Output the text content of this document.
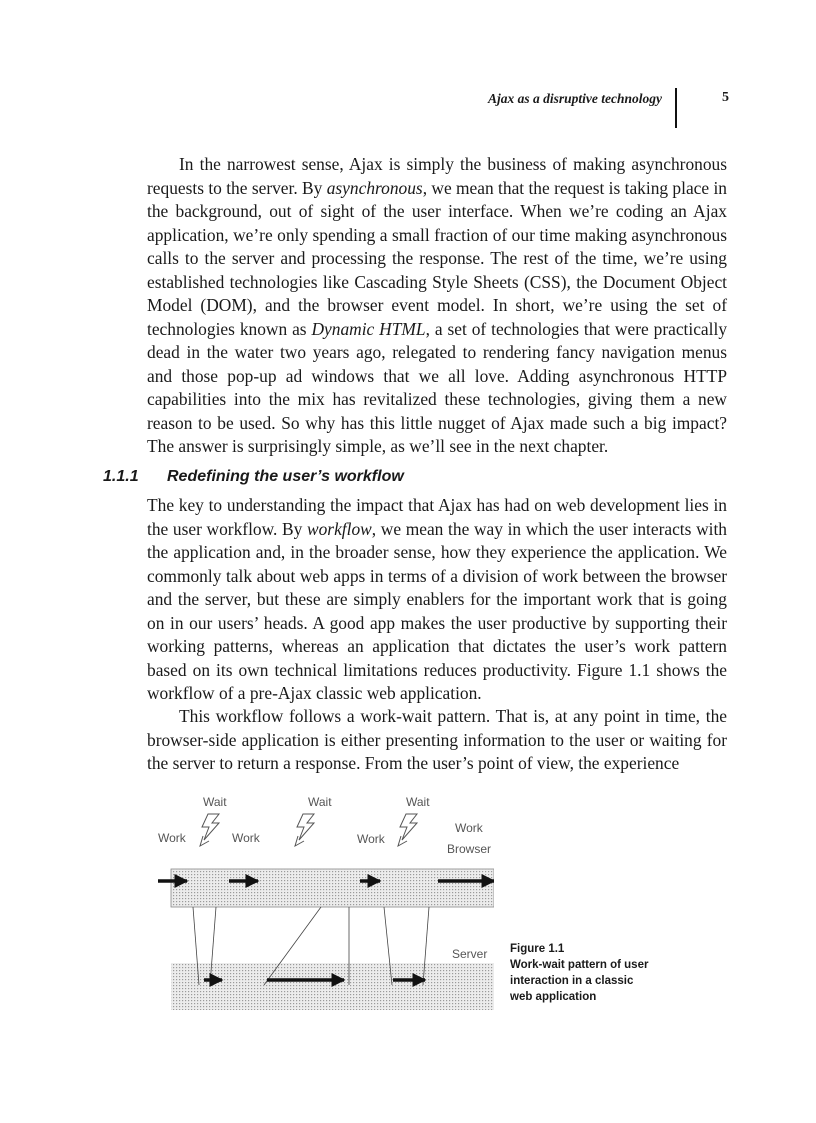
Ajax as a disruptive technology	5

In the narrowest sense, Ajax is simply the business of making asynchronous requests to the server. By asynchronous, we mean that the request is taking place in the background, out of sight of the user interface. When we’re coding an Ajax application, we’re only spending a small fraction of our time making asynchronous calls to the server and processing the response. The rest of the time, we’re using established technologies like Cascading Style Sheets (CSS), the Document Object Model (DOM), and the browser event model. In short, we’re using the set of technologies known as Dynamic HTML, a set of technologies that were practically dead in the water two years ago, relegated to rendering fancy navigation menus and those pop-up ad windows that we all love. Adding asynchronous HTTP capabilities into the mix has revitalized these technologies, giving them a new reason to be used. So why has this little nugget of Ajax made such a big impact? The answer is surprisingly simple, as we’ll see in the next chapter.

1.1.1 Redefining the user’s workflow

The key to understanding the impact that Ajax has had on web development lies in the user workflow. By workflow, we mean the way in which the user interacts with the application and, in the broader sense, how they experience the application. We commonly talk about web apps in terms of a division of work between the browser and the server, but these are simply enablers for the important work that is going on in our users’ heads. A good app makes the user productive by supporting their working patterns, whereas an application that dictates the user’s work pattern based on its own technical limitations reduces productivity. Figure 1.1 shows the workflow of a pre-Ajax classic web application.

This workflow follows a work-wait pattern. That is, at any point in time, the browser-side application is either presenting information to the user or waiting for the server to return a response. From the user’s point of view, the experience

Wait	Wait	Wait
Work	Work	Work
Work
Browser
Server Figure 1.1
Work-wait pattern of user
interaction in a classic
web application
